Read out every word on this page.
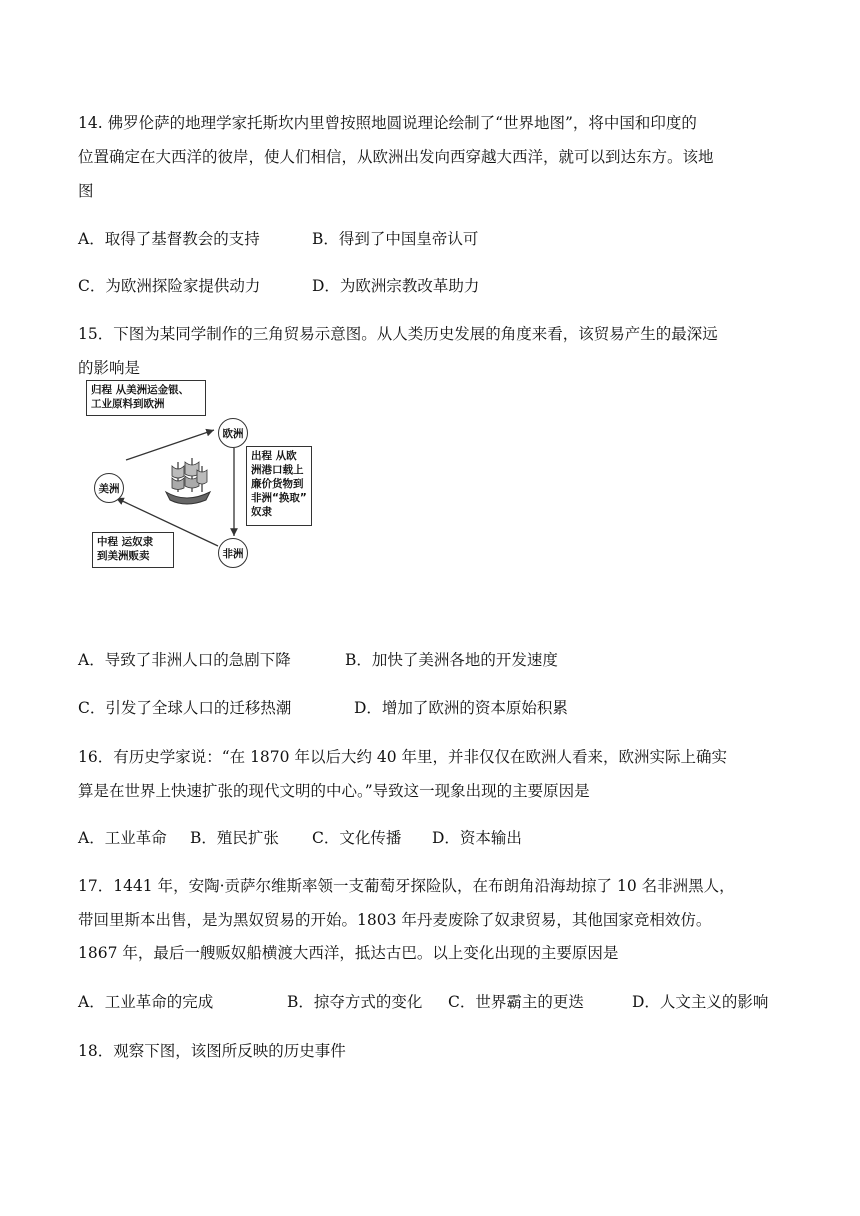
14. 佛罗伦萨的地理学家托斯坎内里曾按照地圆说理论绘制了“世界地图”，将中国和印度的
位置确定在大西洋的彼岸，使人们相信，从欧洲出发向西穿越大西洋，就可以到达东方。该地
图
A．取得了基督教会的支持	B．得到了中国皇帝认可
C．为欧洲探险家提供动力	D．为欧洲宗教改革助力
15．下图为某同学制作的三角贸易示意图。从人类历史发展的角度来看，该贸易产生的最深远
的影响是
归程 从美洲运金银、
工业原料到欧洲
欧洲
美洲
非洲
出程 从欧
洲港口载上
廉价货物到
非洲“换取”
奴隶
中程 运奴隶
到美洲贩卖
A．导致了非洲人口的急剧下降	B．加快了美洲各地的开发速度
C．引发了全球人口的迁移热潮	D．增加了欧洲的资本原始积累
16．有历史学家说：“在 1870 年以后大约 40 年里，并非仅仅在欧洲人看来，欧洲实际上确实
算是在世界上快速扩张的现代文明的中心。”导致这一现象出现的主要原因是
A．工业革命 B．殖民扩张 C．文化传播 D．资本输出
17．1441 年，安陶·贡萨尔维斯率领一支葡萄牙探险队，在布朗角沿海劫掠了 10 名非洲黑人，
带回里斯本出售，是为黑奴贸易的开始。1803 年丹麦废除了奴隶贸易，其他国家竞相效仿。
1867 年，最后一艘贩奴船横渡大西洋，抵达古巴。以上变化出现的主要原因是
A．工业革命的完成	B．掠夺方式的变化 C．世界霸主的更迭	D．人文主义的影响
18．观察下图，该图所反映的历史事件
